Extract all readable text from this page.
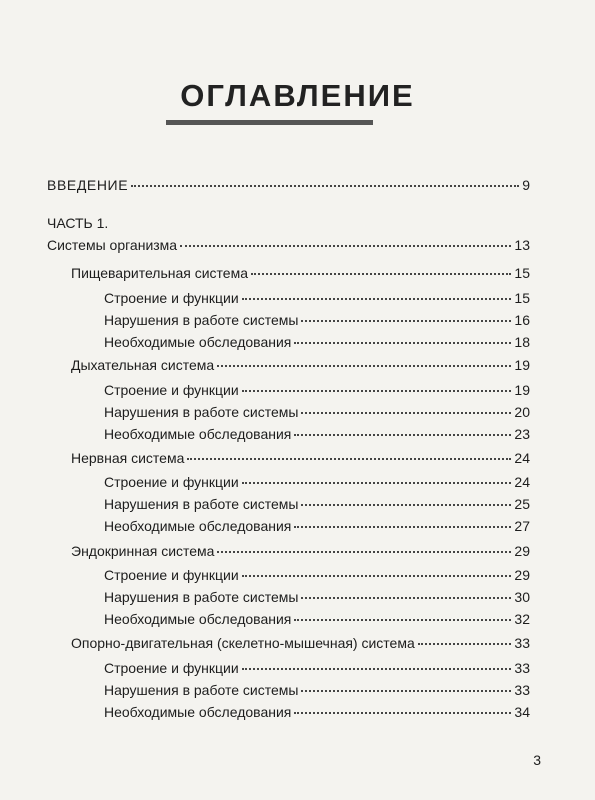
ОГЛАВЛЕНИЕ
ВВЕДЕНИЕ	9
ЧАСТЬ 1.
Системы организма	13
Пищеварительная система	15
Строение и функции	15
Нарушения в работе системы	16
Необходимые обследования	18
Дыхательная система	19
Строение и функции	19
Нарушения в работе системы	20
Необходимые обследования	23
Нервная система	24
Строение и функции	24
Нарушения в работе системы	25
Необходимые обследования	27
Эндокринная система	29
Строение и функции	29
Нарушения в работе системы	30
Необходимые обследования	32
Опорно-двигательная (скелетно-мышечная) система	33
Строение и функции	33
Нарушения в работе системы	33
Необходимые обследования	34
3
